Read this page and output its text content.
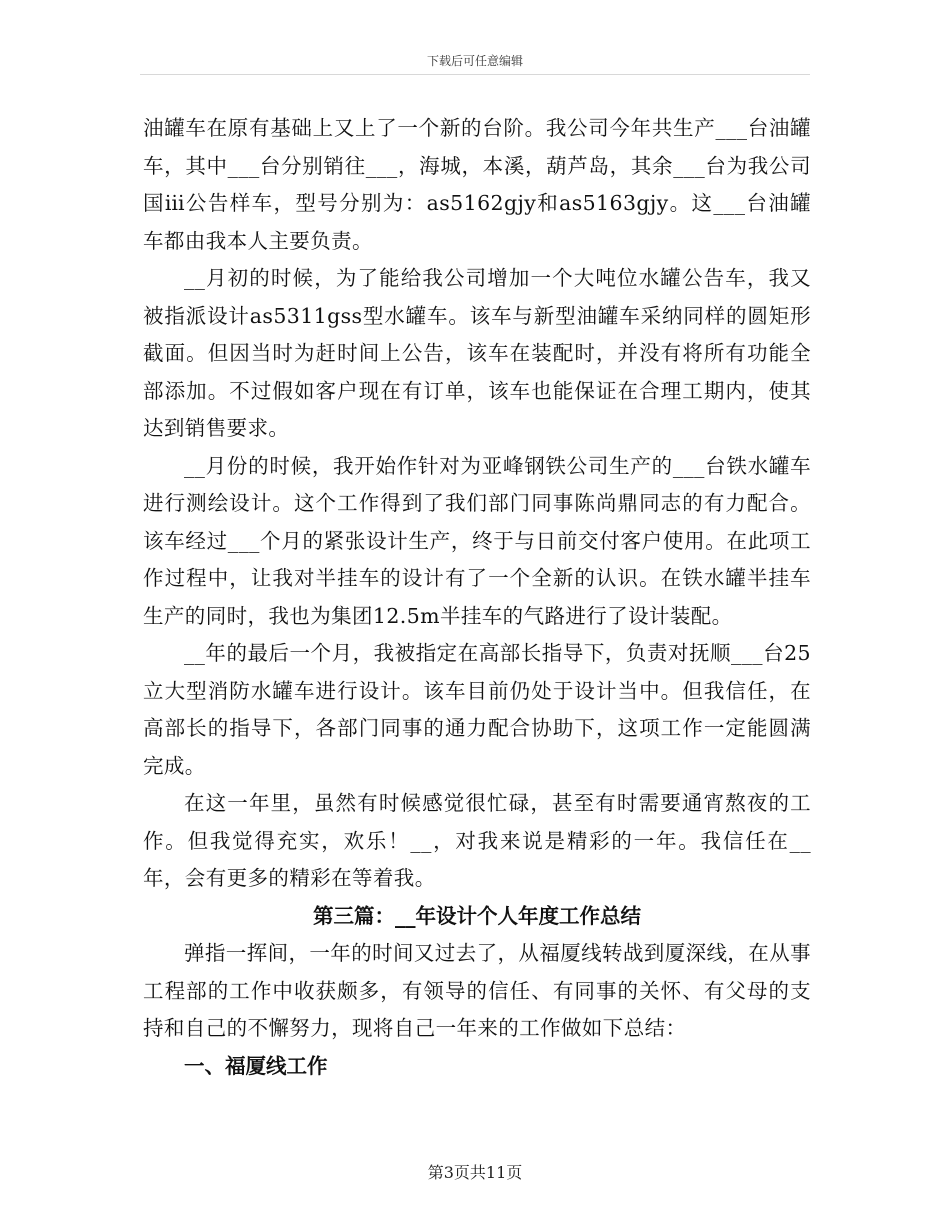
下载后可任意编辑

油罐车在原有基础上又上了一个新的台阶。我公司今年共生产___台油罐车，其中___台分别销往___，海城，本溪，葫芦岛，其余___台为我公司国ⅲ公告样车，型号分别为：as5162gjy和as5163gjy。这___台油罐车都由我本人主要负责。

__月初的时候，为了能给我公司增加一个大吨位水罐公告车，我又被指派设计as5311gss型水罐车。该车与新型油罐车采纳同样的圆矩形截面。但因当时为赶时间上公告，该车在装配时，并没有将所有功能全部添加。不过假如客户现在有订单，该车也能保证在合理工期内，使其达到销售要求。

__月份的时候，我开始作针对为亚峰钢铁公司生产的___台铁水罐车进行测绘设计。这个工作得到了我们部门同事陈尚鼎同志的有力配合。该车经过___个月的紧张设计生产，终于与日前交付客户使用。在此项工作过程中，让我对半挂车的设计有了一个全新的认识。在铁水罐半挂车生产的同时，我也为集团12.5m半挂车的气路进行了设计装配。

__年的最后一个月，我被指定在高部长指导下，负责对抚顺___台25立大型消防水罐车进行设计。该车目前仍处于设计当中。但我信任，在高部长的指导下，各部门同事的通力配合协助下，这项工作一定能圆满完成。

在这一年里，虽然有时候感觉很忙碌，甚至有时需要通宵熬夜的工作。但我觉得充实，欢乐！__，对我来说是精彩的一年。我信任在__年，会有更多的精彩在等着我。

第三篇：__年设计个人年度工作总结

弹指一挥间，一年的时间又过去了，从福厦线转战到厦深线，在从事工程部的工作中收获颇多，有领导的信任、有同事的关怀、有父母的支持和自己的不懈努力，现将自己一年来的工作做如下总结：

一、福厦线工作

第3页共11页
